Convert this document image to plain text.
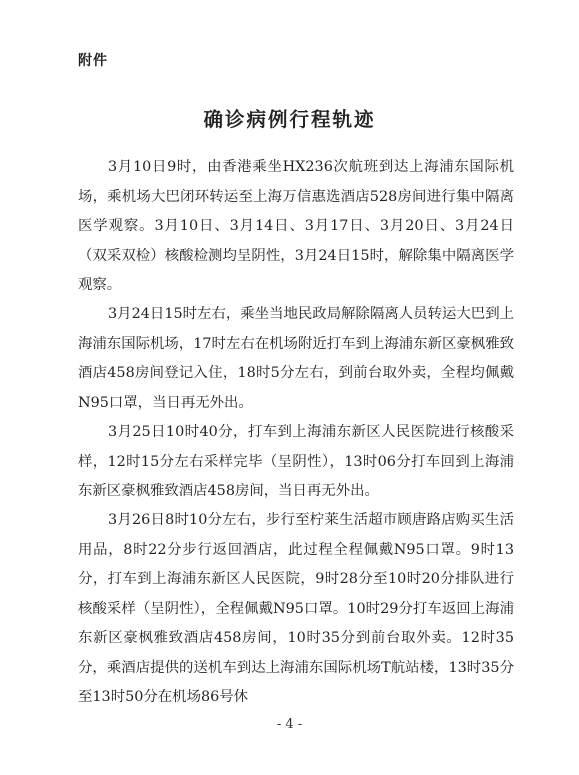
附件
确诊病例行程轨迹

3月10日9时，由香港乘坐HX236次航班到达上海浦东国际机场，乘机场大巴闭环转运至上海万信惠选酒店528房间进行集中隔离医学观察。3月10日、3月14日、3月17日、3月20日、3月24日（双采双检）核酸检测均呈阴性，3月24日15时，解除集中隔离医学观察。

3月24日15时左右，乘坐当地民政局解除隔离人员转运大巴到上海浦东国际机场，17时左右在机场附近打车到上海浦东新区豪枫雅致酒店458房间登记入住，18时5分左右，到前台取外卖，全程均佩戴N95口罩，当日再无外出。

3月25日10时40分，打车到上海浦东新区人民医院进行核酸采样，12时15分左右采样完毕（呈阴性），13时06分打车回到上海浦东新区豪枫雅致酒店458房间，当日再无外出。

3月26日8时10分左右，步行至柠莱生活超市顾唐路店购买生活用品，8时22分步行返回酒店，此过程全程佩戴N95口罩。9时13分，打车到上海浦东新区人民医院，9时28分至10时20分排队进行核酸采样（呈阴性），全程佩戴N95口罩。10时29分打车返回上海浦东新区豪枫雅致酒店458房间，10时35分到前台取外卖。12时35分，乘酒店提供的送机车到达上海浦东国际机场T航站楼，13时35分至13时50分在机场86号休

- 4 -
